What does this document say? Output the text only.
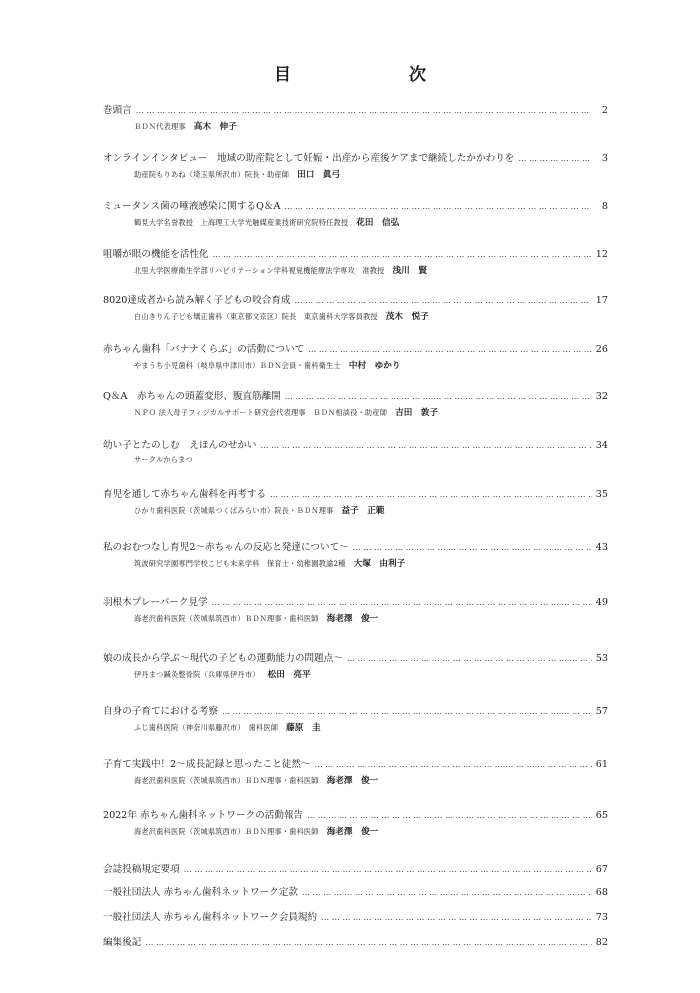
目　　次
巻頭言 ……………………………………………………………………………………………………………………………………………………………………………………	2
ＢＤＮ代表理事 高木　伸子
オンラインインタビュー　地域の助産院として妊娠・出産から産後ケアまで継続したかかわりを ……………………………………………………………………………………………………………………………………………………………………………………	3
助産院もりあね（埼玉県所沢市）院長・助産師 田口　眞弓
ミュータンス菌の唾液感染に関するQ＆A ……………………………………………………………………………………………………………………………………………………………………………………	8
鶴見大学名誉教授　上海理工大学光触媒産業技術研究院特任教授 花田　信弘
咀嚼が眼の機能を活性化 ……………………………………………………………………………………………………………………………………………………………………………………	12
北里大学医療衛生学部リハビリテーション学科視覚機能療法学専攻　准教授 浅川　賢
8020達成者から読み解く子どもの咬合育成 ……………………………………………………………………………………………………………………………………………………………………………………	17
白山きりん子ども矯正歯科（東京都文京区）院長　東京歯科大学客員教授 茂木　悦子
赤ちゃん歯科「バナナくらぶ」の活動について ……………………………………………………………………………………………………………………………………………………………………………………	26
やまうち小児歯科（岐阜県中津川市）ＢＤＮ会員・歯科衛生士 中村　ゆかり
Q＆A　赤ちゃんの頭蓋変形、腹直筋離開 ……………………………………………………………………………………………………………………………………………………………………………………	32
ＮＰＯ 法人母子フィジカルサポート研究会代表理事　ＢＤＮ相談役・助産師 吉田　敦子
幼い子とたのしむ　えほんのせかい ……………………………………………………………………………………………………………………………………………………………………………………	34
サークルからまつ
育児を通して赤ちゃん歯科を再考する ……………………………………………………………………………………………………………………………………………………………………………………	35
ひかり歯科医院（茨城県つくばみらい市）院長・ＢＤＮ理事 益子　正範
私のおむつなし育児2～赤ちゃんの反応と発達について～ ……………………………………………………………………………………………………………………………………………………………………………………	43
筑波研究学園専門学校こども未来学科　保育士・幼稚園教諭2種 大塚　由利子
羽根木プレーパーク見学 ……………………………………………………………………………………………………………………………………………………………………………………	49
海老沢歯科医院（茨城県筑西市）ＢＤＮ理事・歯科医師 海老澤　俊一
娘の成長から学ぶ～現代の子どもの運動能力の問題点～ ……………………………………………………………………………………………………………………………………………………………………………………	53
伊丹まつ鍼灸整骨院（兵庫県伊丹市） 松田　亮平
自身の子育てにおける考察 ……………………………………………………………………………………………………………………………………………………………………………………	57
ふじ歯科医院（神奈川県藤沢市）　歯科医師 藤原　圭
子育て実践中！2～成長記録と思ったこと徒然～ ……………………………………………………………………………………………………………………………………………………………………………………	61
海老沢歯科医院（茨城県筑西市）ＢＤＮ理事・歯科医師 海老澤　俊一
2022年 赤ちゃん歯科ネットワークの活動報告 ……………………………………………………………………………………………………………………………………………………………………………………	65
海老沢歯科医院（茨城県筑西市）ＢＤＮ理事・歯科医師 海老澤　俊一
会誌投稿規定要項 ……………………………………………………………………………………………………………………………………………………………………………………	67
一般社団法人 赤ちゃん歯科ネットワーク定款 ……………………………………………………………………………………………………………………………………………………………………………………	68
一般社団法人 赤ちゃん歯科ネットワーク会員規約 ……………………………………………………………………………………………………………………………………………………………………………………	73
編集後記 ……………………………………………………………………………………………………………………………………………………………………………………	82
